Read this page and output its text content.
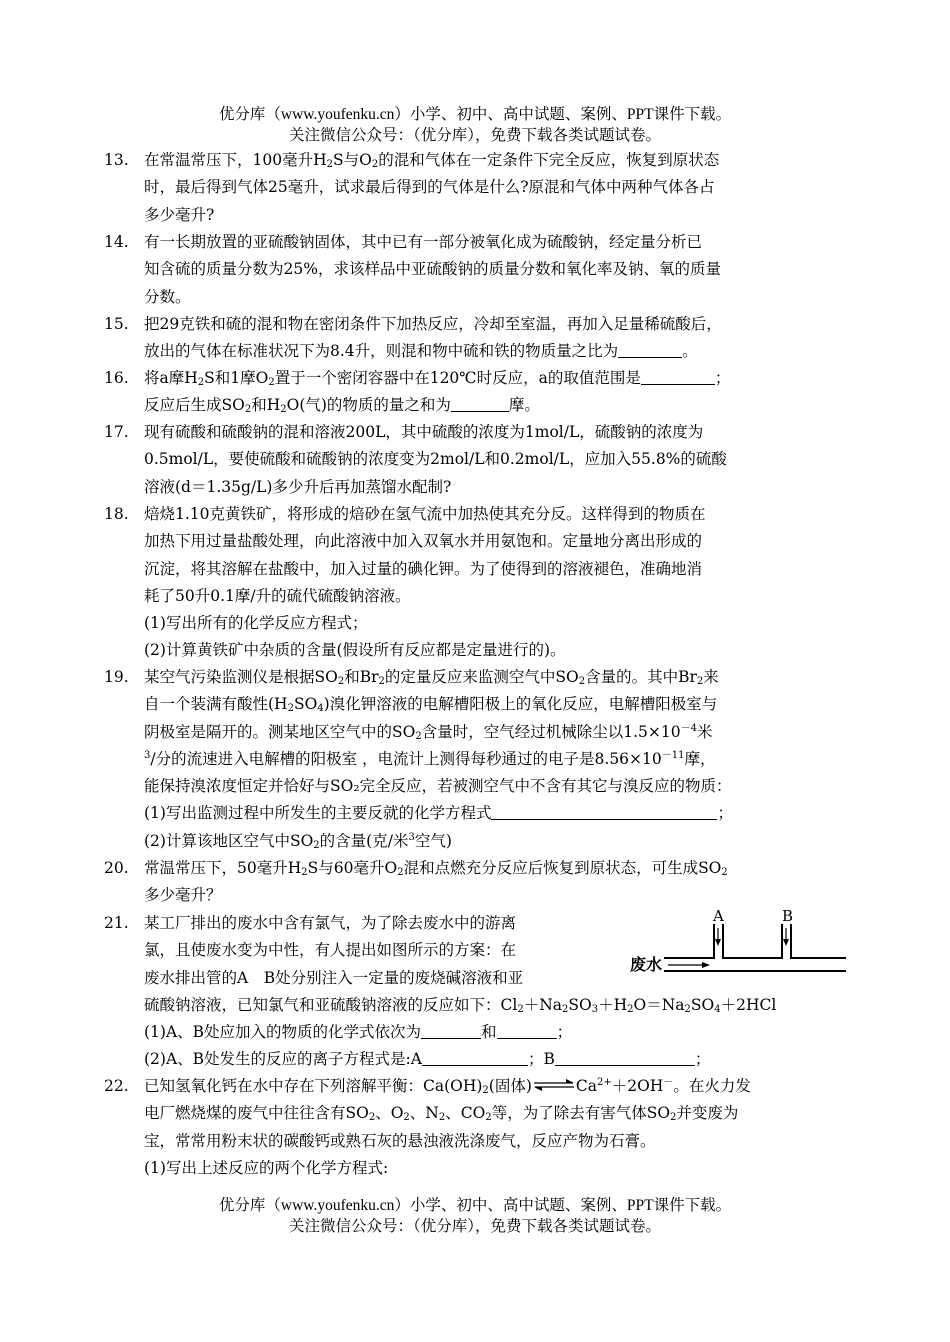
优分库（www.youfenku.cn）小学、初中、高中试题、案例、PPT课件下载。
关注微信公众号：（优分库），免费下载各类试题试卷。
13. 在常温常压下，100毫升$H_2S$与$O_2$的混和气体在一定条件下完全反应，恢复到原状态
时，最后得到气体25毫升，试求最后得到的气体是什么?原混和气体中两种气体各占
多少毫升?
14. 有一长期放置的亚硫酸钠固体，其中已有一部分被氧化成为硫酸钠，经定量分析已
知含硫的质量分数为25%，求该样品中亚硫酸钠的质量分数和氧化率及钠、氧的质量
分数。
15. 把29克铁和硫的混和物在密闭条件下加热反应，冷却至室温，再加入足量稀硫酸后，
放出的气体在标准状况下为8.4升，则混和物中硫和铁的物质量之比为	。
16. 将a摩$H_2S$和1摩$O_2$置于一个密闭容器中在120℃时反应，a的取值范围是	；
反应后生成$SO_2$和$H_2O$(气)的物质的量之和为	摩。
17. 现有硫酸和硫酸钠的混和溶液200L，其中硫酸的浓度为1mol/L，硫酸钠的浓度为
0.5mol/L，要使硫酸和硫酸钠的浓度变为2mol/L和0.2mol/L，应加入55.8%的硫酸
溶液(d＝1.35g/L)多少升后再加蒸馏水配制?
18. 焙烧1.10克黄铁矿，将形成的焙砂在氢气流中加热使其充分反。这样得到的物质在
加热下用过量盐酸处理，向此溶液中加入双氧水并用氨饱和。定量地分离出形成的
沉淀，将其溶解在盐酸中，加入过量的碘化钾。为了使得到的溶液褪色，准确地消
耗了50升0.1摩/升的硫代硫酸钠溶液。
(1)写出所有的化学反应方程式；
(2)计算黄铁矿中杂质的含量(假设所有反应都是定量进行的)。
19. 某空气污染监测仪是根据$SO_2$和$Br_2$的定量反应来监测空气中$SO_2$含量的。其中$Br_2$来
自一个装满有酸性$(H_2SO_4)$溴化钾溶液的电解槽阳极上的氧化反应，电解槽阳极室与
阴极室是隔开的。测某地区空气中的$SO_2$含量时，空气经过机械除尘以$1.5\times 10^{-4}$米
$^3$/分的流速进入电解槽的阳极室 ，电流计上测得每秒通过的电子是$8.56\times 10^{-11}$摩，
能保持溴浓度恒定并恰好与SO₂完全反应，若被测空气中不含有其它与溴反应的物质：
(1)写出监测过程中所发生的主要反就的化学方程式	；
(2)计算该地区空气中$SO_2$的含量(克/米$^3$空气)
20. 常温常压下，50毫升$H_2S$与60毫升$O_2$混和点燃充分反应后恢复到原状态，可生成$SO_2$
多少毫升？
21. 某工厂排出的废水中含有氯气，为了除去废水中的游离
氯，且使废水变为中性，有人提出如图所示的方案：在
废水排出管的A　B处分别注入一定量的废烧碱溶液和亚
硫酸钠溶液，已知氯气和亚硫酸钠溶液的反应如下：$Cl_2+Na_2SO_3+H_2O=Na_2SO_4+2HCl$
(1)A、B处应加入的物质的化学式依次为	和	；
(2)A、B处发生的反应的离子方程式是:A	；B	；
A	B
废水
22. 已知氢氧化钙在水中存在下列溶解平衡：$Ca(OH)_2$(固体)$\rightleftharpoons Ca^{2+}+2OH^-$。在火力发
电厂燃烧煤的废气中往往含有$SO_2$、$O_2$、$N_2$、$CO_2$等，为了除去有害气体$SO_2$并变废为
宝，常常用粉末状的碳酸钙或熟石灰的悬浊液洗涤废气，反应产物为石膏。
(1)写出上述反应的两个化学方程式:
优分库（www.youfenku.cn）小学、初中、高中试题、案例、PPT课件下载。
关注微信公众号：（优分库），免费下载各类试题试卷。
